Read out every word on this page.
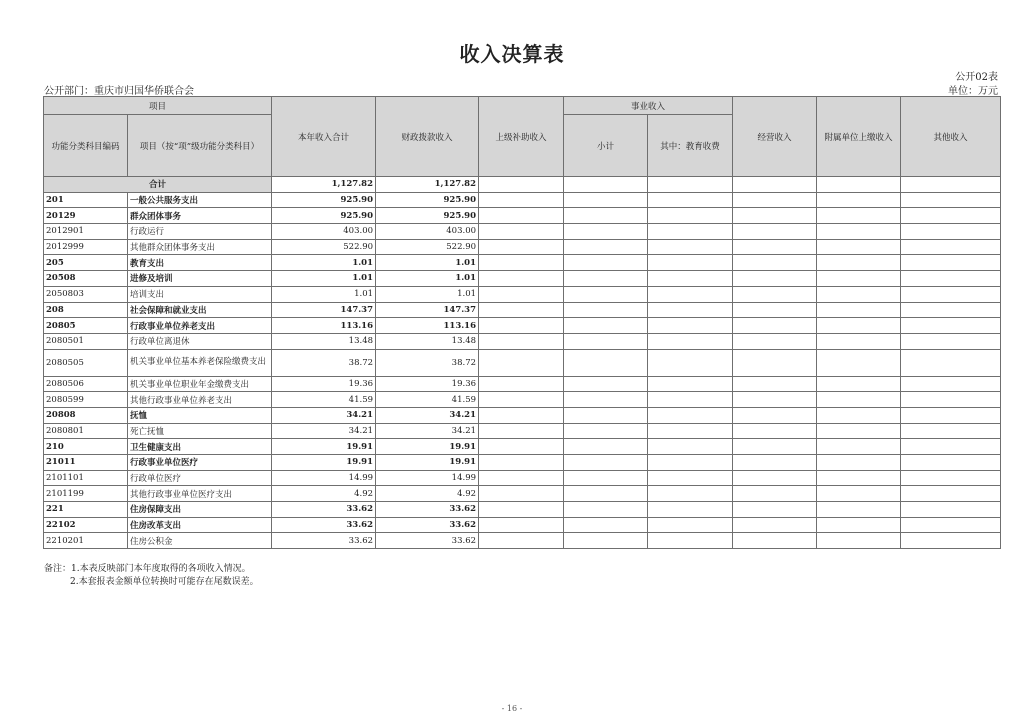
收入决算表
公开02表
公开部门：重庆市归国华侨联合会	单位：万元
项目		本年收入合计	财政拨款收入	上级补助收入	事业收入		经营收入	附属单位上缴收入	其他收入
功能分类科目编码	项目（按“项”级功能分类科目）				小计	其中：教育收费			
合计		1,127.82	1,127.82						
201	一般公共服务支出	925.90	925.90						
20129	群众团体事务	925.90	925.90						
2012901	行政运行	403.00	403.00						
2012999	其他群众团体事务支出	522.90	522.90						
205	教育支出	1.01	1.01						
20508	进修及培训	1.01	1.01						
2050803	培训支出	1.01	1.01						
208	社会保障和就业支出	147.37	147.37						
20805	行政事业单位养老支出	113.16	113.16						
2080501	行政单位离退休	13.48	13.48						
2080505	机关事业单位基本养老保险缴费支出	38.72	38.72						
2080506	机关事业单位职业年金缴费支出	19.36	19.36						
2080599	其他行政事业单位养老支出	41.59	41.59						
20808	抚恤	34.21	34.21						
2080801	死亡抚恤	34.21	34.21						
210	卫生健康支出	19.91	19.91						
21011	行政事业单位医疗	19.91	19.91						
2101101	行政单位医疗	14.99	14.99						
2101199	其他行政事业单位医疗支出	4.92	4.92						
221	住房保障支出	33.62	33.62						
22102	住房改革支出	33.62	33.62						
2210201	住房公积金	33.62	33.62						
备注：1.本表反映部门本年度取得的各项收入情况。
2.本套报表金额单位转换时可能存在尾数误差。
- 16 -
